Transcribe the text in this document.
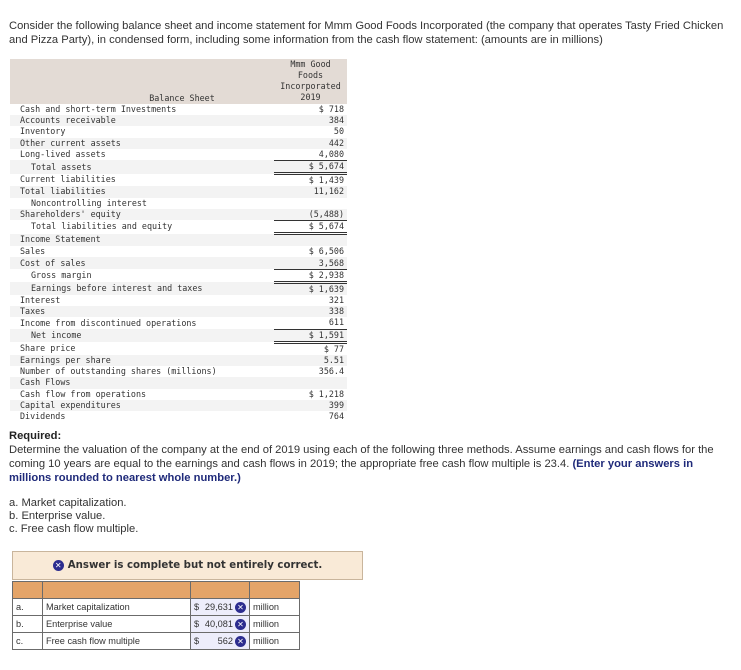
Consider the following balance sheet and income statement for Mmm Good Foods Incorporated (the company that operates Tasty Fried Chicken and Pizza Party), in condensed form, including some information from the cash flow statement: (amounts are in millions)
Balance Sheet	Mmm Good
Foods
Incorporated
2019

Cash and short-term Investments	$ 718
Accounts receivable	384
Inventory	50
Other current assets	442
Long-lived assets	4,080
Total assets	$ 5,674
Current liabilities	$ 1,439
Total liabilities	11,162
Noncontrolling interest	
Shareholders' equity	(5,488)
Total liabilities and equity	$ 5,674
Income Statement	
Sales	$ 6,506
Cost of sales	3,568
Gross margin	$ 2,938
Earnings before interest and taxes	$ 1,639
Interest	321
Taxes	338
Income from discontinued operations	611
Net income	$ 1,591
Share price	$ 77
Earnings per share	5.51
Number of outstanding shares (millions)	356.4
Cash Flows	
Cash flow from operations	$ 1,218
Capital expenditures	399
Dividends	764
Required:
Determine the valuation of the company at the end of 2019 using each of the following three methods. Assume earnings and cash flows for the coming 10 years are equal to the earnings and cash flows in 2019; the appropriate free cash flow multiple is 23.4. (Enter your answers in millions rounded to nearest whole number.)
a. Market capitalization.
b. Enterprise value.
c. Free cash flow multiple.
✕ Answer is complete but not entirely correct.

a.	Market capitalization	$ 29,631 ✕	million
b.	Enterprise value	$ 40,081 ✕	million
c.	Free cash flow multiple	$ 562 ✕	million
